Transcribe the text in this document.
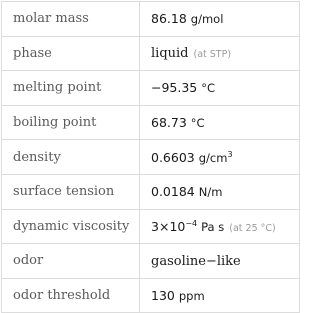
molar mass	86.18 g/mol
phase	liquid (at STP)
melting point	−95.35 °C
boiling point	68.73 °C
density	0.6603 $g/cm^3$
surface tension	0.0184 N/m
dynamic viscosity	$3\times 10^{-4}$ Pa s (at 25 °C)
odor	gasoline−like
odor threshold	130 ppm
